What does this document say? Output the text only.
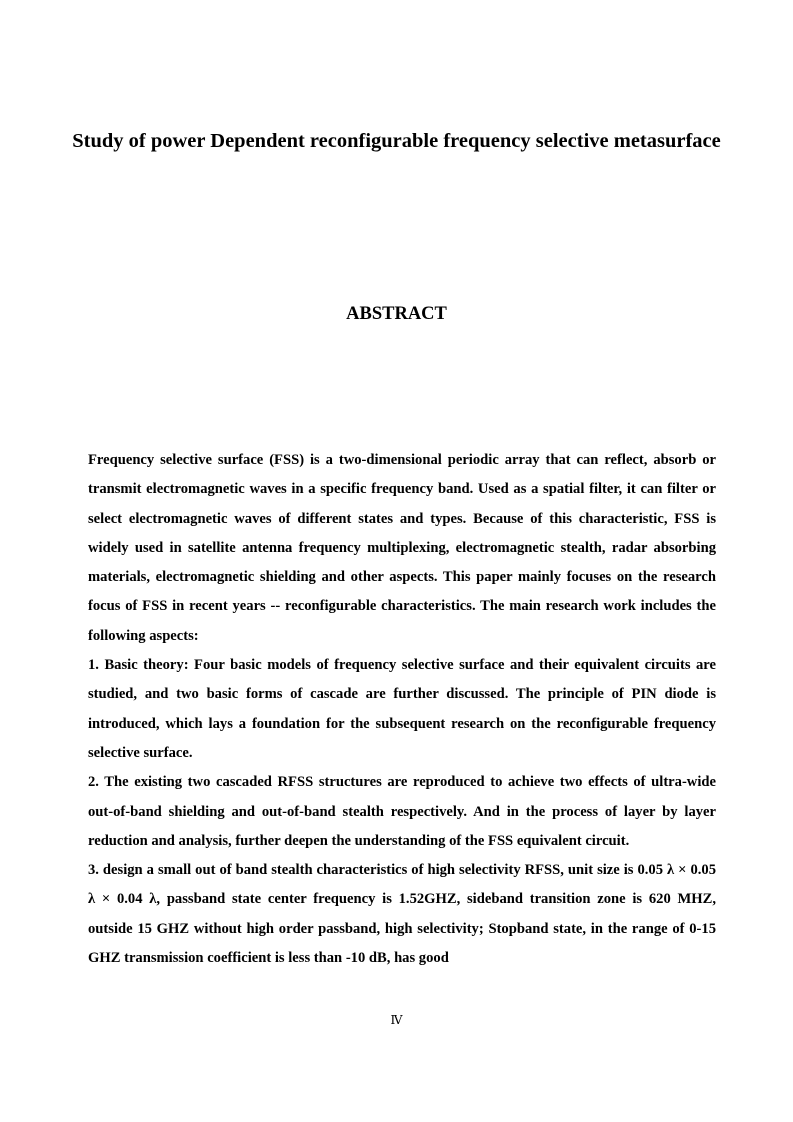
Study of power Dependent reconfigurable frequency selective metasurface
ABSTRACT

Frequency selective surface (FSS) is a two-dimensional periodic array that can reflect, absorb or transmit electromagnetic waves in a specific frequency band. Used as a spatial filter, it can filter or select electromagnetic waves of different states and types. Because of this characteristic, FSS is widely used in satellite antenna frequency multiplexing, electromagnetic stealth, radar absorbing materials, electromagnetic shielding and other aspects. This paper mainly focuses on the research focus of FSS in recent years -- reconfigurable characteristics. The main research work includes the following aspects:

1. Basic theory: Four basic models of frequency selective surface and their equivalent circuits are studied, and two basic forms of cascade are further discussed. The principle of PIN diode is introduced, which lays a foundation for the subsequent research on the reconfigurable frequency selective surface.

2. The existing two cascaded RFSS structures are reproduced to achieve two effects of ultra-wide out-of-band shielding and out-of-band stealth respectively. And in the process of layer by layer reduction and analysis, further deepen the understanding of the FSS equivalent circuit.

3. design a small out of band stealth characteristics of high selectivity RFSS, unit size is 0.05 λ × 0.05 λ × 0.04 λ, passband state center frequency is 1.52GHZ, sideband transition zone is 620 MHZ, outside 15 GHZ without high order passband, high selectivity; Stopband state, in the range of 0-15 GHZ transmission coefficient is less than -10 dB, has good

Ⅳ
